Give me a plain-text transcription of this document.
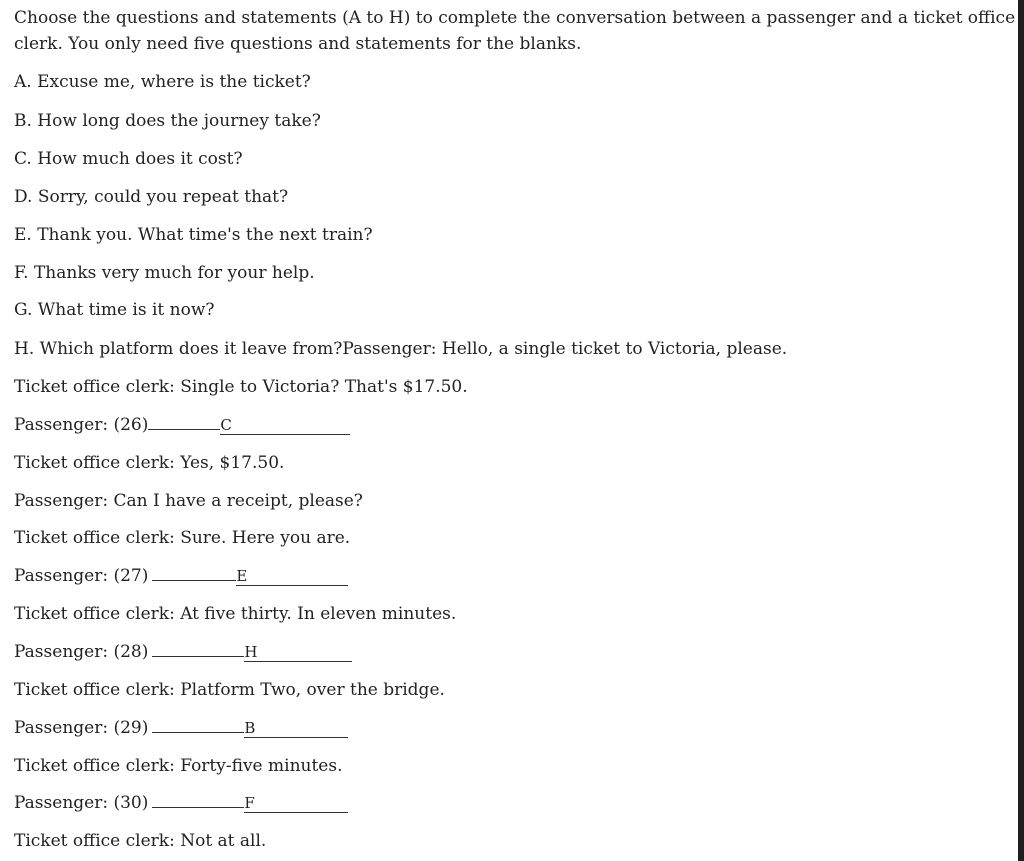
Choose the questions and statements (A to H) to complete the conversation between a passenger and a ticket office
clerk. You only need five questions and statements for the blanks.
A. Excuse me, where is the ticket?
B. How long does the journey take?
C. How much does it cost?
D. Sorry, could you repeat that?
E. Thank you. What time's the next train?
F. Thanks very much for your help.
G. What time is it now?
H. Which platform does it leave from?Passenger: Hello, a single ticket to Victoria, please.
Ticket office clerk: Single to Victoria? That's $17.50.
Passenger: (26)	C
Ticket office clerk: Yes, $17.50.
Passenger: Can I have a receipt, please?
Ticket office clerk: Sure. Here you are.
Passenger: (27)	E
Ticket office clerk: At five thirty. In eleven minutes.
Passenger: (28)	H
Ticket office clerk: Platform Two, over the bridge.
Passenger: (29)	B
Ticket office clerk: Forty-five minutes.
Passenger: (30)	F
Ticket office clerk: Not at all.
